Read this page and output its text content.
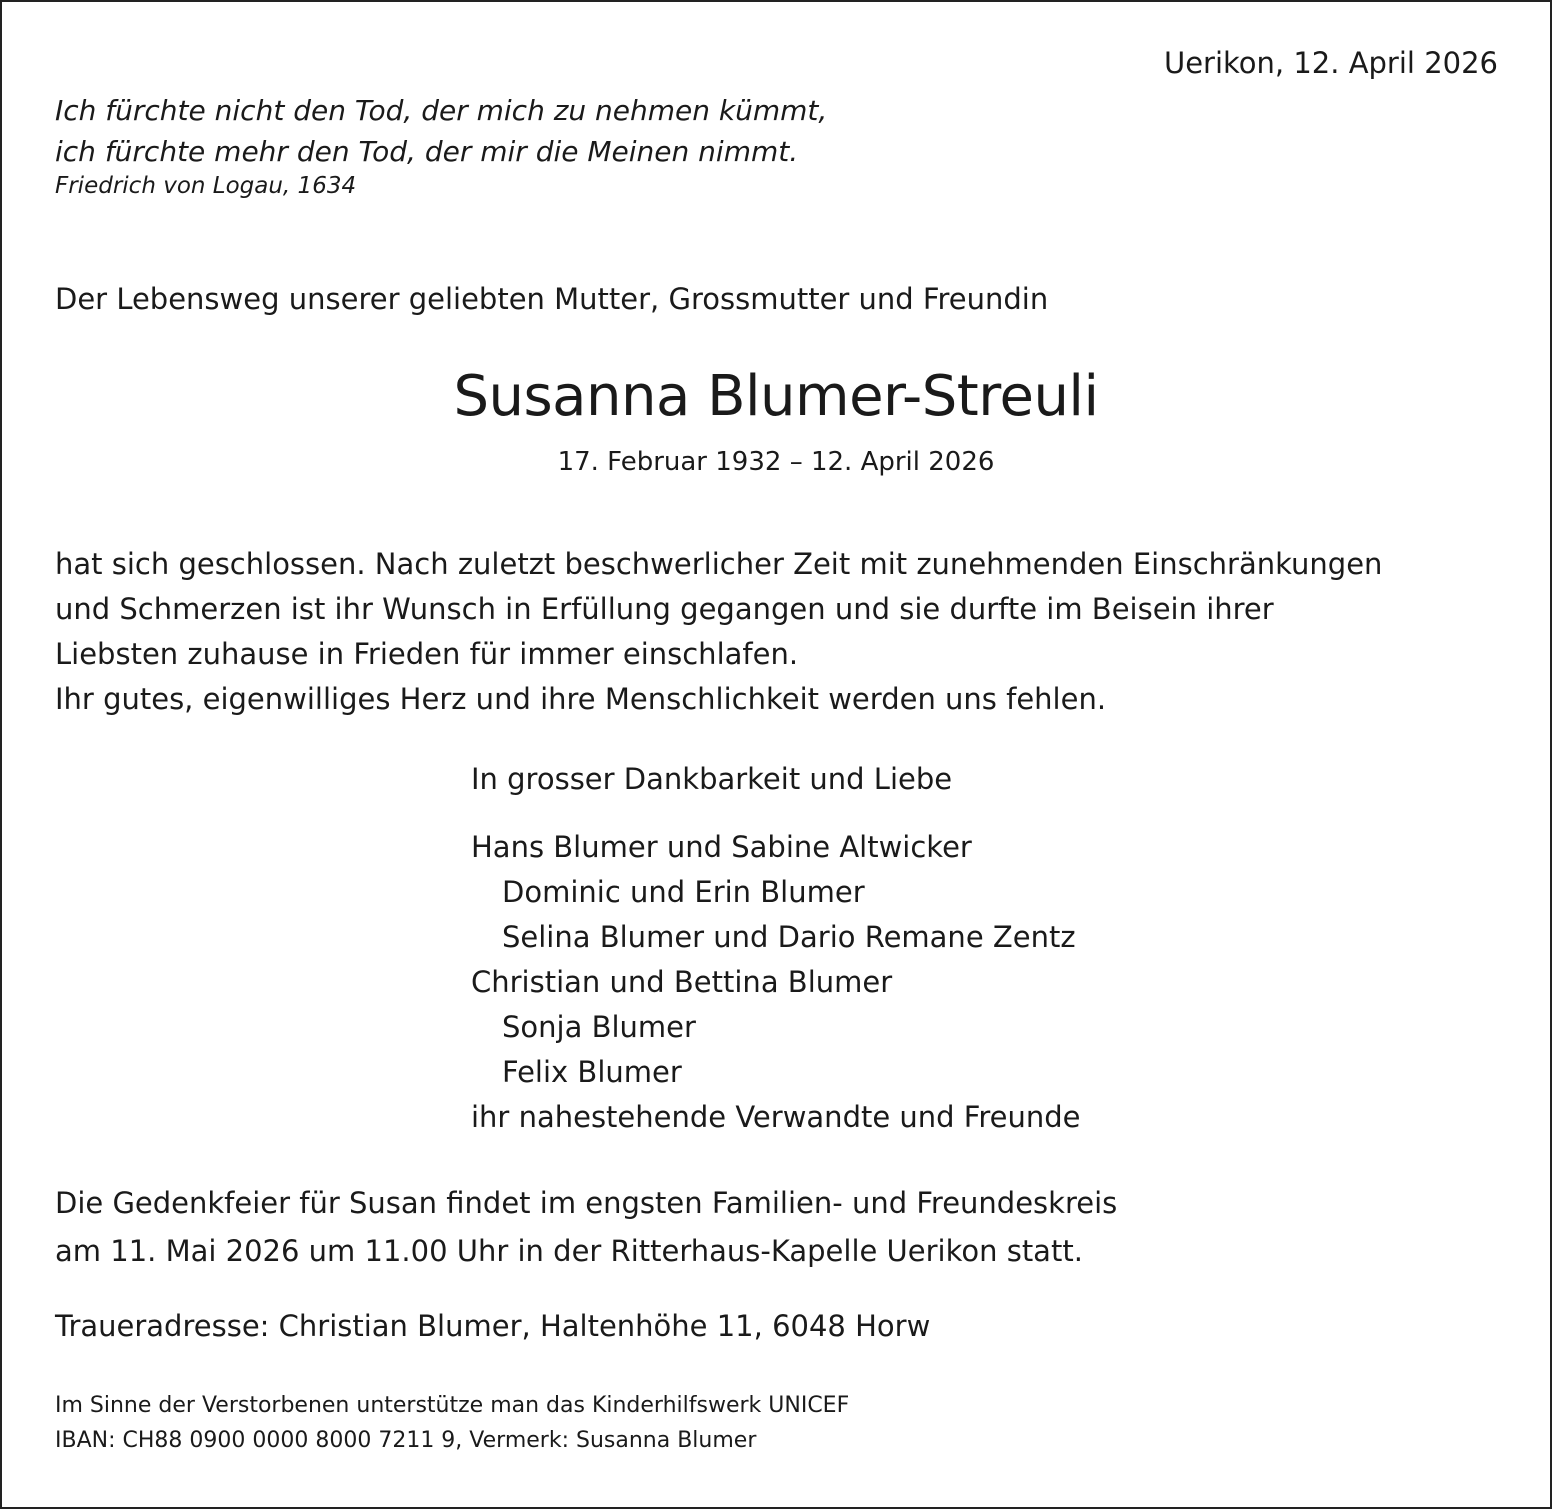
Uerikon, 12. April 2026

Ich fürchte nicht den Tod, der mich zu nehmen kümmt,
ich fürchte mehr den Tod, der mir die Meinen nimmt.

Friedrich von Logau, 1634

Der Lebensweg unserer geliebten Mutter, Grossmutter und Freundin

Susanna Blumer-Streuli

17. Februar 1932 – 12. April 2026

hat sich geschlossen. Nach zuletzt beschwerlicher Zeit mit zunehmenden Einschränkungen
und Schmerzen ist ihr Wunsch in Erfüllung gegangen und sie durfte im Beisein ihrer
Liebsten zuhause in Frieden für immer einschlafen.
Ihr gutes, eigenwilliges Herz und ihre Menschlichkeit werden uns fehlen.

In grosser Dankbarkeit und Liebe

Hans Blumer und Sabine Altwicker
Dominic und Erin Blumer
Selina Blumer und Dario Remane Zentz
Christian und Bettina Blumer
Sonja Blumer
Felix Blumer
ihr nahestehende Verwandte und Freunde

Die Gedenkfeier für Susan findet im engsten Familien- und Freundeskreis
am 11. Mai 2026 um 11.00 Uhr in der Ritterhaus-Kapelle Uerikon statt.

Traueradresse: Christian Blumer, Haltenhöhe 11, 6048 Horw

Im Sinne der Verstorbenen unterstütze man das Kinderhilfswerk UNICEF
IBAN: CH88 0900 0000 8000 7211 9, Vermerk: Susanna Blumer
